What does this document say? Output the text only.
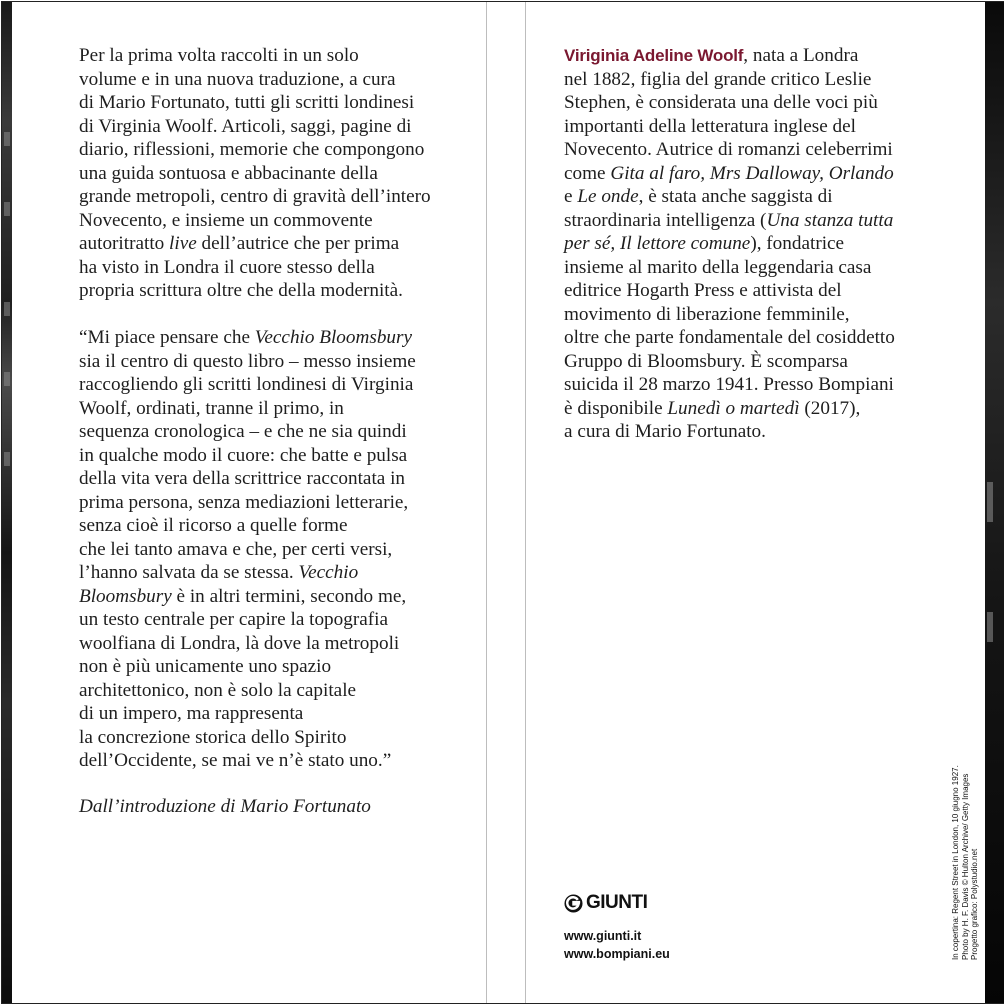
Per la prima volta raccolti in un solo

volume e in una nuova traduzione, a cura

di Mario Fortunato, tutti gli scritti londinesi

di Virginia Woolf. Articoli, saggi, pagine di

diario, riflessioni, memorie che compongono

una guida sontuosa e abbacinante della

grande metropoli, centro di gravità dell’intero

Novecento, e insieme un commovente

autoritratto live dell’autrice che per prima

ha visto in Londra il cuore stesso della

propria scrittura oltre che della modernità.

“Mi piace pensare che Vecchio Bloomsbury

sia il centro di questo libro – messo insieme

raccogliendo gli scritti londinesi di Virginia

Woolf, ordinati, tranne il primo, in

sequenza cronologica – e che ne sia quindi

in qualche modo il cuore: che batte e pulsa

della vita vera della scrittrice raccontata in

prima persona, senza mediazioni letterarie,

senza cioè il ricorso a quelle forme

che lei tanto amava e che, per certi versi,

l’hanno salvata da se stessa. Vecchio

Bloomsbury è in altri termini, secondo me,

un testo centrale per capire la topografia

woolfiana di Londra, là dove la metropoli

non è più unicamente uno spazio

architettonico, non è solo la capitale

di un impero, ma rappresenta

la concrezione storica dello Spirito

dell’Occidente, se mai ve n’è stato uno.”

Dall’introduzione di Mario Fortunato

Viriginia Adeline Woolf, nata a Londra
nel 1882, figlia del grande critico Leslie
Stephen, è considerata una delle voci più
importanti della letteratura inglese del
Novecento. Autrice di romanzi celeberrimi
come Gita al faro, Mrs Dalloway, Orlando
e Le onde, è stata anche saggista di
straordinaria intelligenza (Una stanza tutta
per sé, Il lettore comune), fondatrice
insieme al marito della leggendaria casa
editrice Hogarth Press e attivista del
movimento di liberazione femminile,
oltre che parte fondamentale del cosiddetto
Gruppo di Bloomsbury. È scomparsa
suicida il 28 marzo 1941. Presso Bompiani
è disponibile Lunedì o martedì (2017),
a cura di Mario Fortunato.
GIUNTI
www.giunti.it
www.bompiani.eu	In copertina: Regent Street in London, 10 giugno 1927. Photo by H. F. Davis © Hulton Archive/ Getty Images Progetto grafico: Polystudio.net
